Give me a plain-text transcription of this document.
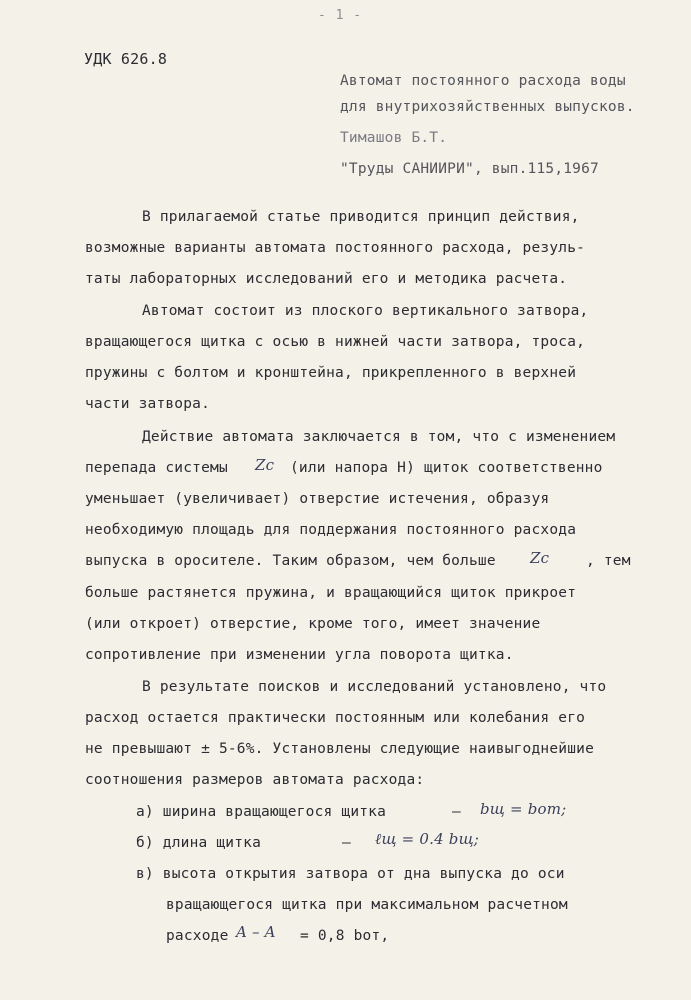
- 1 -
УДК 626.8
Автомат постоянного расхода воды
для внутрихозяйственных выпусков.
Тимашов Б.Т.
"Труды САНИИРИ", вып.115,1967
В прилагаемой статье приводится принцип действия,
возможные варианты автомата постоянного расхода, резуль-
таты лабораторных исследований его и методика расчета.
Автомат состоит из плоского вертикального затвора,
вращающегося щитка с осью в нижней части затвора, троса,
пружины с болтом и кронштейна, прикрепленного в верхней
части затвора.
Действие автомата заключается в том, что с изменением
перепада системы Zc (или напора Н) щиток соответственно
уменьшает (увеличивает) отверстие истечения, образуя
необходимую площадь для поддержания постоянного расхода
выпуска в оросителе. Таким образом, чем больше Zc	, тем
больше растянется пружина, и вращающийся щиток прикроет
(или откроет) отверстие, кроме того, имеет значение
сопротивление при изменении угла поворота щитка.
В результате поисков и исследований установлено, что
расход остается практически постоянным или колебания его
не превышают ± 5-6%. Установлены следующие наивыгоднейшие
соотношения размеров автомата расхода:
а) ширина вращающегося щитка	– bщ = bот;
б) длина щитка	– ℓщ = 0.4 bщ;
в) высота открытия затвора от дна выпуска до оси
вращающегося щитка при максимальном расчетном
расходе A – A = 0,8 bот,
